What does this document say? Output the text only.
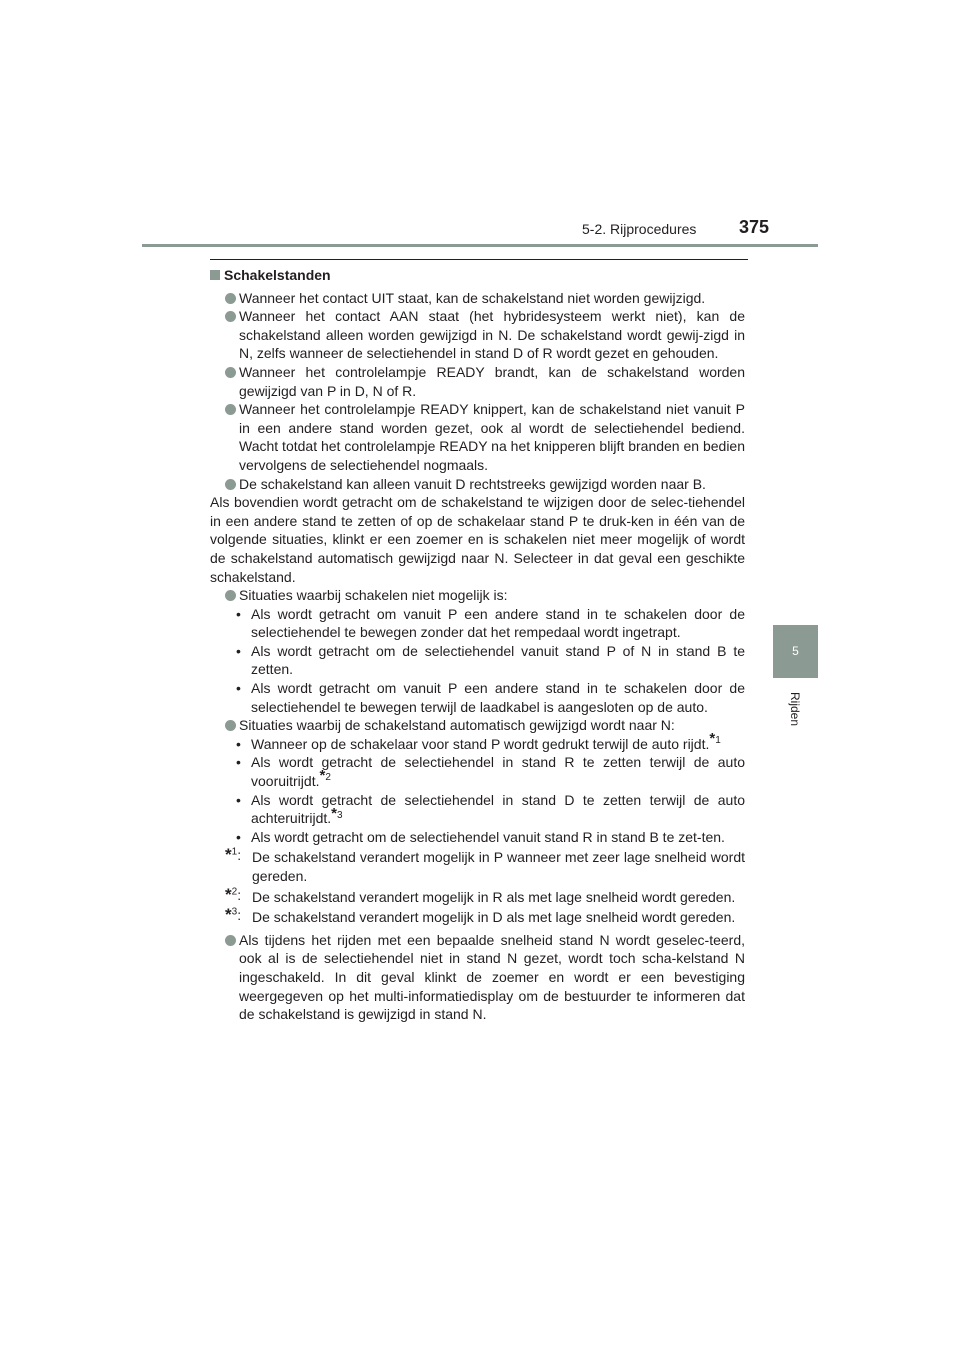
5-2. Rijprocedures 375
5
Rijden
Schakelstanden
Wanneer het contact UIT staat, kan de schakelstand niet worden gewijzigd.
Wanneer het contact AAN staat (het hybridesysteem werkt niet), kan de schakelstand alleen worden gewijzigd in N. De schakelstand wordt gewij-zigd in N, zelfs wanneer de selectiehendel in stand D of R wordt gezet en gehouden.
Wanneer het controlelampje READY brandt, kan de schakelstand worden gewijzigd van P in D, N of R.
Wanneer het controlelampje READY knippert, kan de schakelstand niet vanuit P in een andere stand worden gezet, ook al wordt de selectiehendel bediend. Wacht totdat het controlelampje READY na het knipperen blijft branden en bedien vervolgens de selectiehendel nogmaals.
De schakelstand kan alleen vanuit D rechtstreeks gewijzigd worden naar B.
Als bovendien wordt getracht om de schakelstand te wijzigen door de selec-tiehendel in een andere stand te zetten of op de schakelaar stand P te druk-ken in één van de volgende situaties, klinkt er een zoemer en is schakelen niet meer mogelijk of wordt de schakelstand automatisch gewijzigd naar N. Selecteer in dat geval een geschikte schakelstand.
Situaties waarbij schakelen niet mogelijk is:
• Als wordt getracht om vanuit P een andere stand in te schakelen door de selectiehendel te bewegen zonder dat het rempedaal wordt ingetrapt.
• Als wordt getracht om de selectiehendel vanuit stand P of N in stand B te zetten.
• Als wordt getracht om vanuit P een andere stand in te schakelen door de selectiehendel te bewegen terwijl de laadkabel is aangesloten op de auto.
Situaties waarbij de schakelstand automatisch gewijzigd wordt naar N:
• Wanneer op de schakelaar voor stand P wordt gedrukt terwijl de auto rijdt.$^{*1}$
• Als wordt getracht de selectiehendel in stand R te zetten terwijl de auto vooruitrijdt.$^{*2}$
• Als wordt getracht de selectiehendel in stand D te zetten terwijl de auto achteruitrijdt.$^{*3}$
• Als wordt getracht om de selectiehendel vanuit stand R in stand B te zet-ten.
*$^1$: De schakelstand verandert mogelijk in P wanneer met zeer lage snelheid wordt gereden.
*$^2$: De schakelstand verandert mogelijk in R als met lage snelheid wordt gereden.
*$^3$: De schakelstand verandert mogelijk in D als met lage snelheid wordt gereden.
Als tijdens het rijden met een bepaalde snelheid stand N wordt geselec-teerd, ook al is de selectiehendel niet in stand N gezet, wordt toch scha-kelstand N ingeschakeld. In dit geval klinkt de zoemer en wordt er een bevestiging weergegeven op het multi-informatiedisplay om de bestuurder te informeren dat de schakelstand is gewijzigd in stand N.
